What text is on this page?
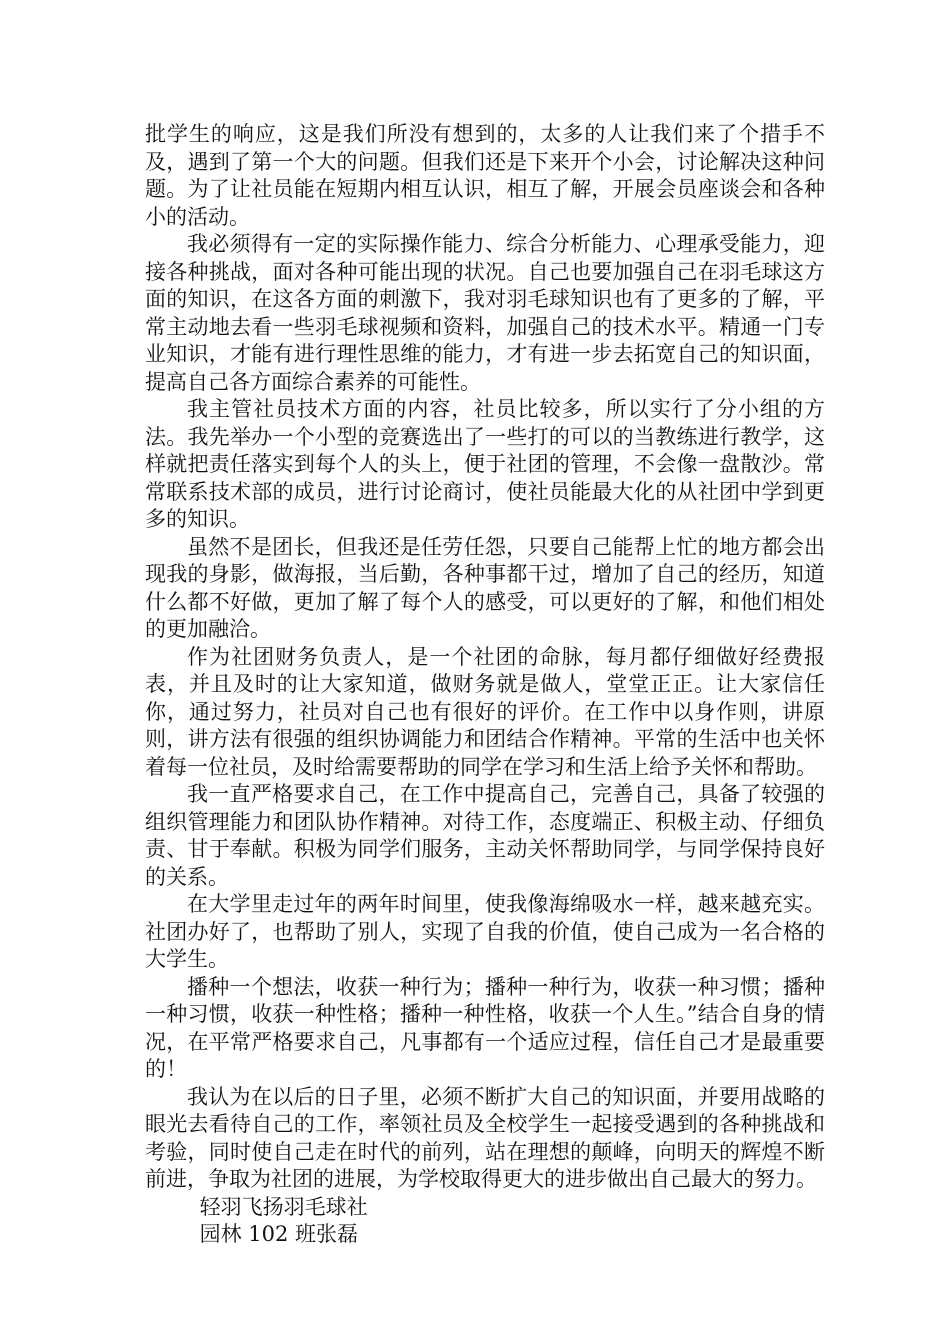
批学生的响应，这是我们所没有想到的，太多的人让我们来了个措手不及，遇到了第一个大的问题。但我们还是下来开个小会，讨论解决这种问题。为了让社员能在短期内相互认识，相互了解，开展会员座谈会和各种小的活动。

我必须得有一定的实际操作能力、综合分析能力、心理承受能力，迎接各种挑战，面对各种可能出现的状况。自己也要加强自己在羽毛球这方面的知识，在这各方面的刺激下，我对羽毛球知识也有了更多的了解，平常主动地去看一些羽毛球视频和资料，加强自己的技术水平。精通一门专业知识，才能有进行理性思维的能力，才有进一步去拓宽自己的知识面，提高自己各方面综合素养的可能性。

我主管社员技术方面的内容，社员比较多，所以实行了分小组的方法。我先举办一个小型的竞赛选出了一些打的可以的当教练进行教学，这样就把责任落实到每个人的头上，便于社团的管理，不会像一盘散沙。常常联系技术部的成员，进行讨论商讨，使社员能最大化的从社团中学到更多的知识。

虽然不是团长，但我还是任劳任怨，只要自己能帮上忙的地方都会出现我的身影，做海报，当后勤，各种事都干过，增加了自己的经历，知道什么都不好做，更加了解了每个人的感受，可以更好的了解，和他们相处的更加融洽。

作为社团财务负责人，是一个社团的命脉，每月都仔细做好经费报表，并且及时的让大家知道，做财务就是做人，堂堂正正。让大家信任你，通过努力，社员对自己也有很好的评价。在工作中以身作则，讲原则，讲方法有很强的组织协调能力和团结合作精神。平常的生活中也关怀着每一位社员，及时给需要帮助的同学在学习和生活上给予关怀和帮助。

我一直严格要求自己，在工作中提高自己，完善自己，具备了较强的组织管理能力和团队协作精神。对待工作，态度端正、积极主动、仔细负责、甘于奉献。积极为同学们服务，主动关怀帮助同学，与同学保持良好的关系。

在大学里走过年的两年时间里，使我像海绵吸水一样，越来越充实。社团办好了，也帮助了别人，实现了自我的价值，使自己成为一名合格的大学生。

播种一个想法，收获一种行为；播种一种行为，收获一种习惯；播种一种习惯，收获一种性格；播种一种性格，收获一个人生。”结合自身的情况，在平常严格要求自己，凡事都有一个适应过程，信任自己才是最重要的！

我认为在以后的日子里，必须不断扩大自己的知识面，并要用战略的眼光去看待自己的工作，率领社员及全校学生一起接受遇到的各种挑战和考验，同时使自己走在时代的前列，站在理想的颠峰，向明天的辉煌不断前进，争取为社团的进展，为学校取得更大的进步做出自己最大的努力。

轻羽飞扬羽毛球社

园林 102 班张磊
